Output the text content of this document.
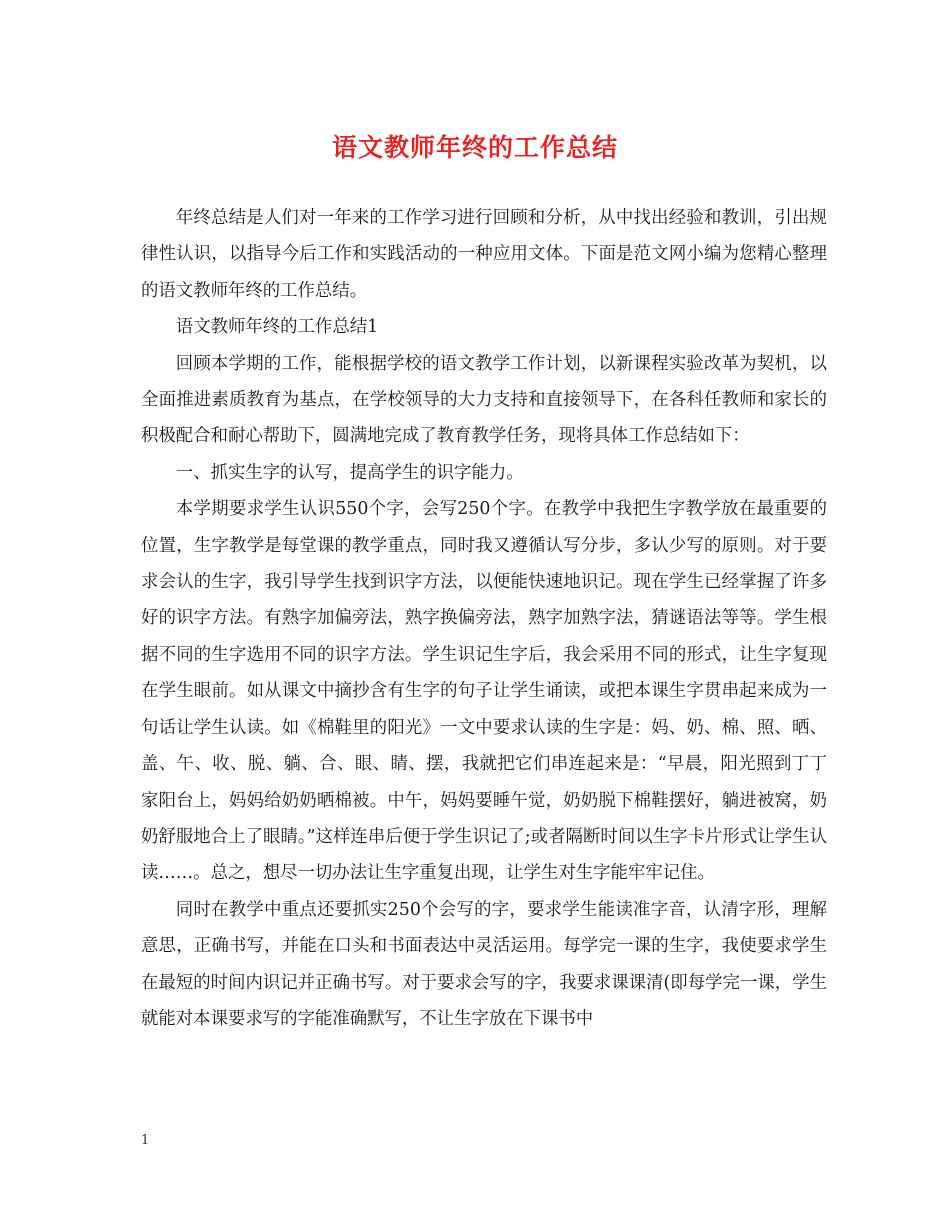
语文教师年终的工作总结

年终总结是人们对一年来的工作学习进行回顾和分析，从中找出经验和教训，引出规律性认识，以指导今后工作和实践活动的一种应用文体。下面是范文网小编为您精心整理的语文教师年终的工作总结。

语文教师年终的工作总结1

回顾本学期的工作，能根据学校的语文教学工作计划，以新课程实验改革为契机，以全面推进素质教育为基点，在学校领导的大力支持和直接领导下，在各科任教师和家长的积极配合和耐心帮助下，圆满地完成了教育教学任务，现将具体工作总结如下：

一、抓实生字的认写，提高学生的识字能力。

本学期要求学生认识550个字，会写250个字。在教学中我把生字教学放在最重要的位置，生字教学是每堂课的教学重点，同时我又遵循认写分步，多认少写的原则。对于要求会认的生字，我引导学生找到识字方法，以便能快速地识记。现在学生已经掌握了许多好的识字方法。有熟字加偏旁法，熟字换偏旁法，熟字加熟字法，猜谜语法等等。学生根据不同的生字选用不同的识字方法。学生识记生字后，我会采用不同的形式，让生字复现在学生眼前。如从课文中摘抄含有生字的句子让学生诵读，或把本课生字贯串起来成为一句话让学生认读。如《棉鞋里的阳光》一文中要求认读的生字是：妈、奶、棉、照、晒、盖、午、收、脱、躺、合、眼、睛、摆，我就把它们串连起来是：“早晨，阳光照到丁丁家阳台上，妈妈给奶奶晒棉被。中午，妈妈要睡午觉，奶奶脱下棉鞋摆好，躺进被窝，奶奶舒服地合上了眼睛。”这样连串后便于学生识记了;或者隔断时间以生字卡片形式让学生认读……。总之，想尽一切办法让生字重复出现，让学生对生字能牢牢记住。

同时在教学中重点还要抓实250个会写的字，要求学生能读准字音，认清字形，理解意思，正确书写，并能在口头和书面表达中灵活运用。每学完一课的生字，我使要求学生在最短的时间内识记并正确书写。对于要求会写的字，我要求课课清(即每学完一课，学生就能对本课要求写的字能准确默写，不让生字放在下课书中

1
